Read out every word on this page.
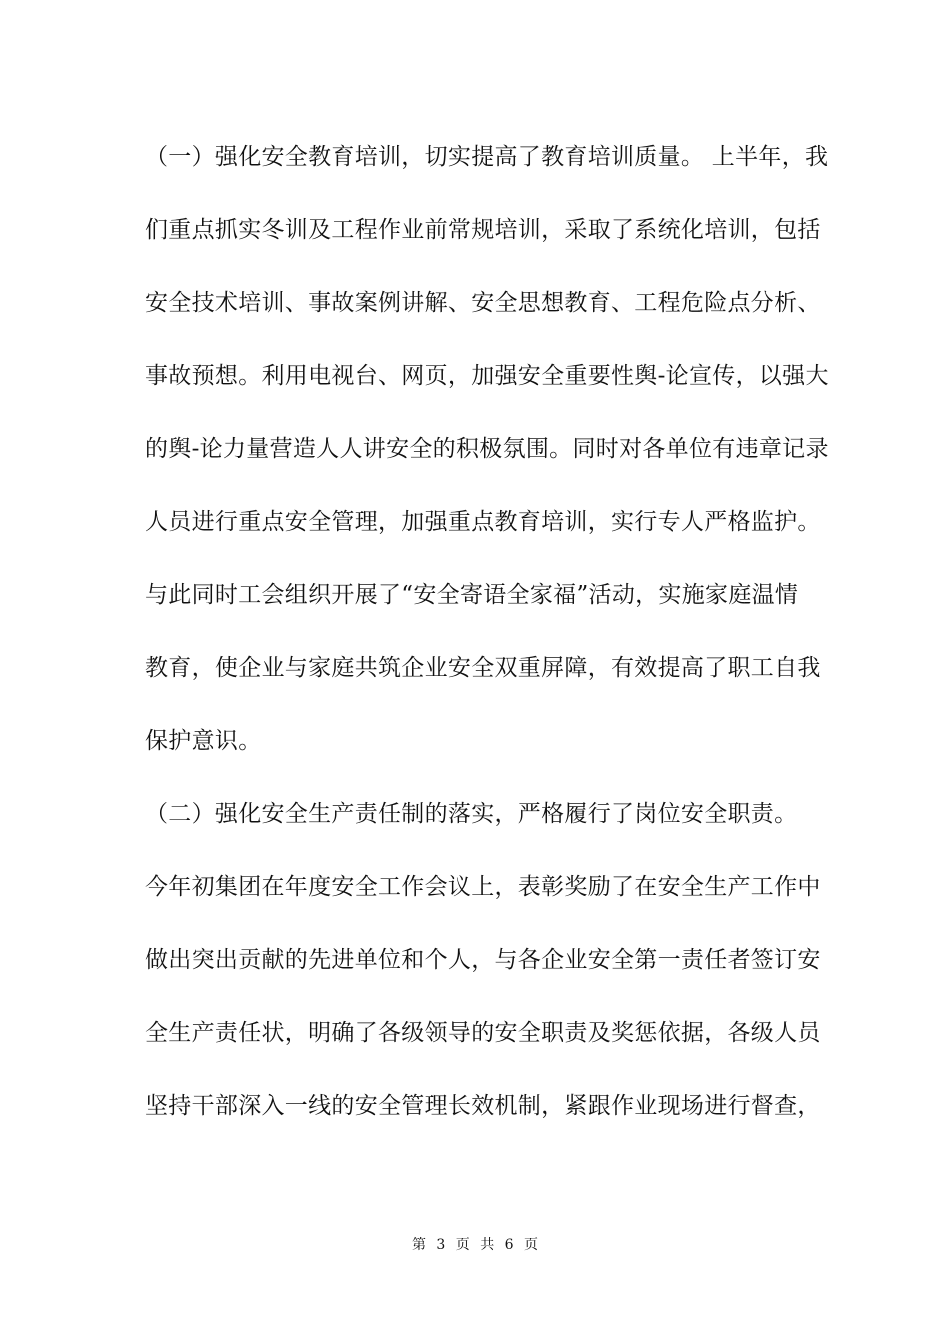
（一）强化安全教育培训，切实提高了教育培训质量。 上半年，我
们重点抓实冬训及工程作业前常规培训，采取了系统化培训，包括
安全技术培训、事故案例讲解、安全思想教育、工程危险点分析、
事故预想。利用电视台、网页，加强安全重要性舆-论宣传，以强大
的舆-论力量营造人人讲安全的积极氛围。同时对各单位有违章记录
人员进行重点安全管理，加强重点教育培训，实行专人严格监护。
与此同时工会组织开展了“安全寄语全家福”活动，实施家庭温情
教育，使企业与家庭共筑企业安全双重屏障，有效提高了职工自我
保护意识。
（二）强化安全生产责任制的落实，严格履行了岗位安全职责。
今年初集团在年度安全工作会议上，表彰奖励了在安全生产工作中
做出突出贡献的先进单位和个人，与各企业安全第一责任者签订安
全生产责任状，明确了各级领导的安全职责及奖惩依据，各级人员
坚持干部深入一线的安全管理长效机制，紧跟作业现场进行督查，
第 3 页 共 6 页
